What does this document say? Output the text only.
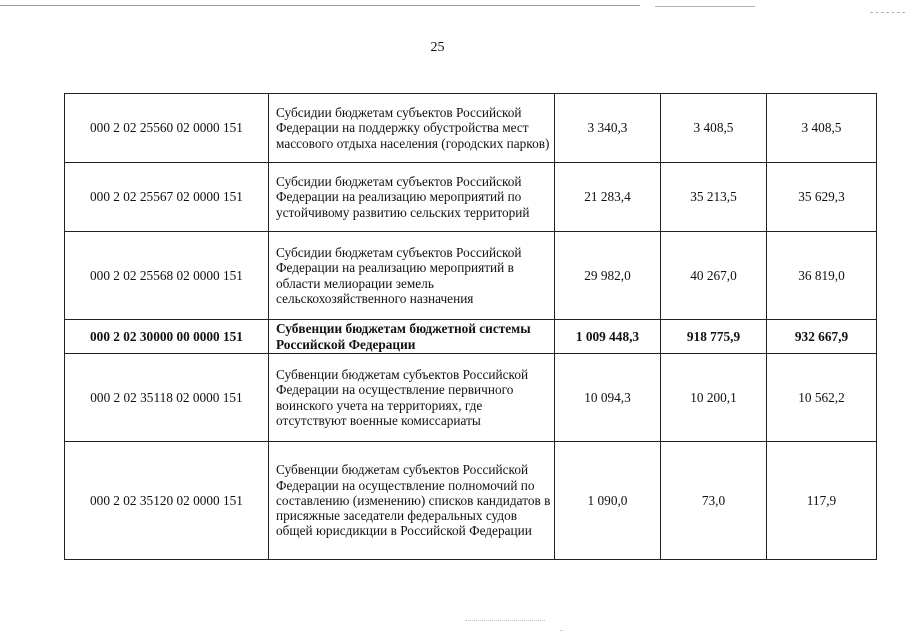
25
000 2 02 25560 02 0000 151	Субсидии бюджетам субъектов Российской Федерации на поддержку обустройства мест массового отдыха населения (городских парков)	3 340,3	3 408,5	3 408,5
000 2 02 25567 02 0000 151	Субсидии бюджетам субъектов Российской Федерации на реализацию мероприятий по устойчивому развитию сельских территорий	21 283,4	35 213,5	35 629,3
000 2 02 25568 02 0000 151	Субсидии бюджетам субъектов Российской Федерации на реализацию мероприятий в области мелиорации земель сельскохозяйственного назначения	29 982,0	40 267,0	36 819,0
000 2 02 30000 00 0000 151	Субвенции бюджетам бюджетной системы Российской Федерации	1 009 448,3	918 775,9	932 667,9
000 2 02 35118 02 0000 151	Субвенции бюджетам субъектов Российской Федерации на осуществление первичного воинского учета на территориях, где отсутствуют военные комиссариаты	10 094,3	10 200,1	10 562,2
000 2 02 35120 02 0000 151	Субвенции бюджетам субъектов Российской Федерации на осуществление полномочий по составлению (изменению) списков кандидатов в присяжные заседатели федеральных судов общей юрисдикции в Российской Федерации	1 090,0	73,0	117,9
